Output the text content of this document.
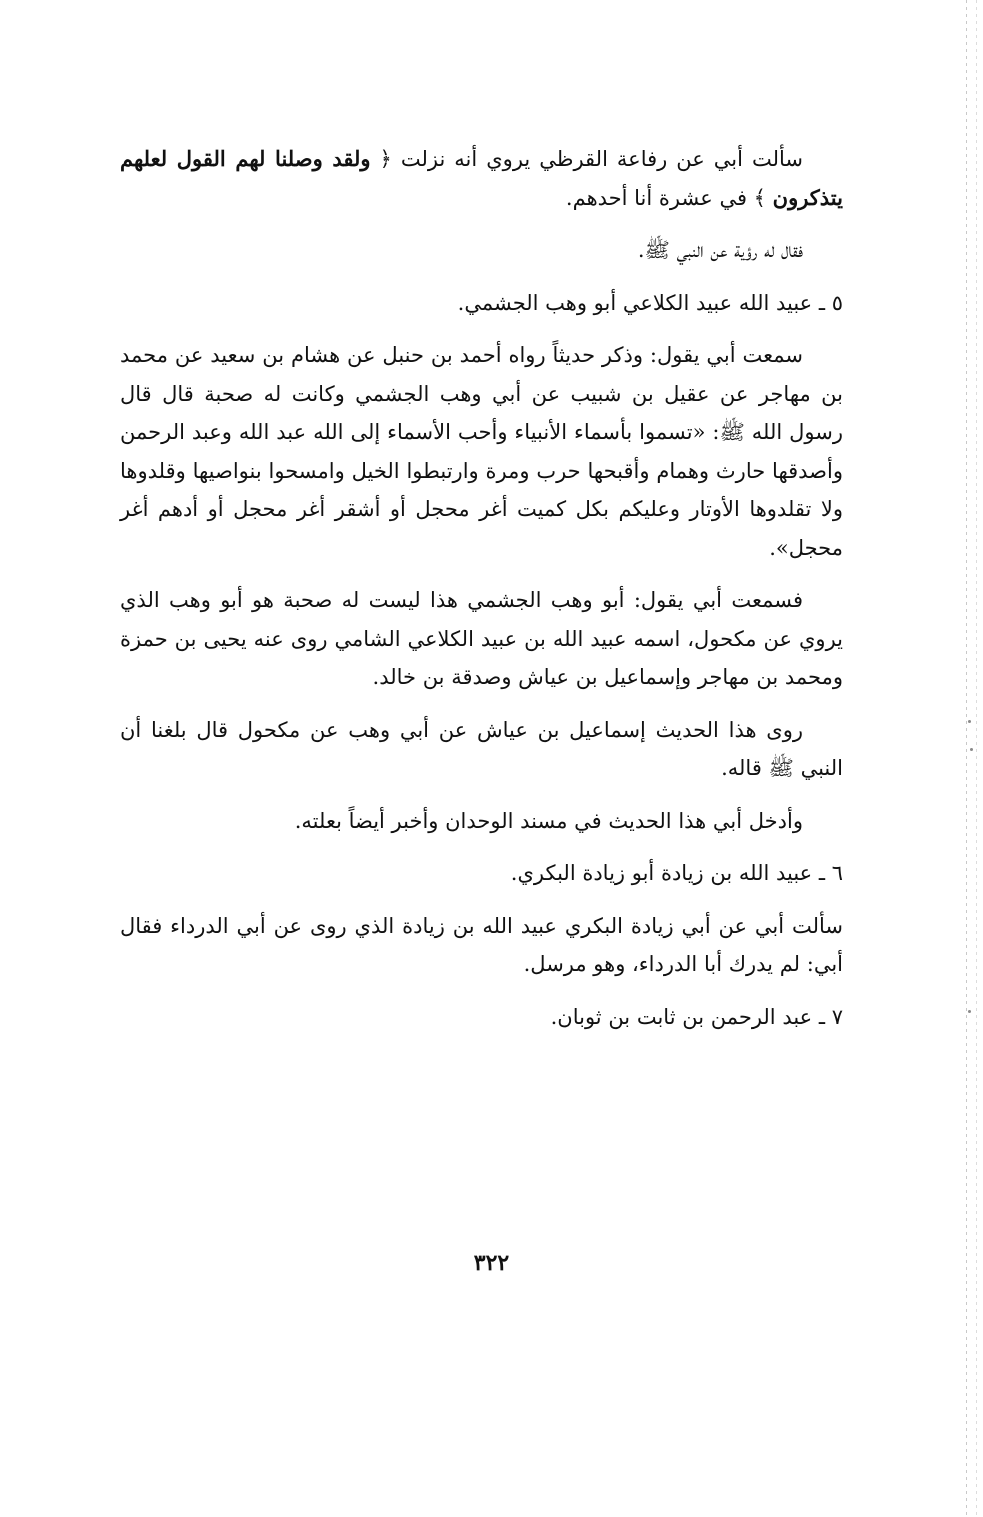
سألت أبي عن رفاعة القرظي يروي أنه نزلت ﴿ ولقد وصلنا لهم القول لعلهم يتذكرون ﴾ في عشرة أنا أحدهم.

فقال له رؤية عن النبي ﷺ.

٥ ـ عبيد الله عبيد الكلاعي أبو وهب الجشمي.

سمعت أبي يقول: وذكر حديثاً رواه أحمد بن حنبل عن هشام بن سعيد عن محمد بن مهاجر عن عقيل بن شبيب عن أبي وهب الجشمي وكانت له صحبة قال قال رسول الله ﷺ: «تسموا بأسماء الأنبياء وأحب الأسماء إلى الله عبد الله وعبد الرحمن وأصدقها حارث وهمام وأقبحها حرب ومرة وارتبطوا الخيل وامسحوا بنواصيها وقلدوها ولا تقلدوها الأوتار وعليكم بكل كميت أغر محجل أو أشقر أغر محجل أو أدهم أغر محجل».

فسمعت أبي يقول: أبو وهب الجشمي هذا ليست له صحبة هو أبو وهب الذي يروي عن مكحول، اسمه عبيد الله بن عبيد الكلاعي الشامي روى عنه يحيى بن حمزة ومحمد بن مهاجر وإسماعيل بن عياش وصدقة بن خالد.

روى هذا الحديث إسماعيل بن عياش عن أبي وهب عن مكحول قال بلغنا أن النبي ﷺ قاله.

وأدخل أبي هذا الحديث في مسند الوحدان وأخبر أيضاً بعلته.

٦ ـ عبيد الله بن زيادة أبو زيادة البكري.

سألت أبي عن أبي زيادة البكري عبيد الله بن زيادة الذي روى عن أبي الدرداء فقال أبي: لم يدرك أبا الدرداء، وهو مرسل.

٧ ـ عبد الرحمن بن ثابت بن ثوبان.

٣٢٢
